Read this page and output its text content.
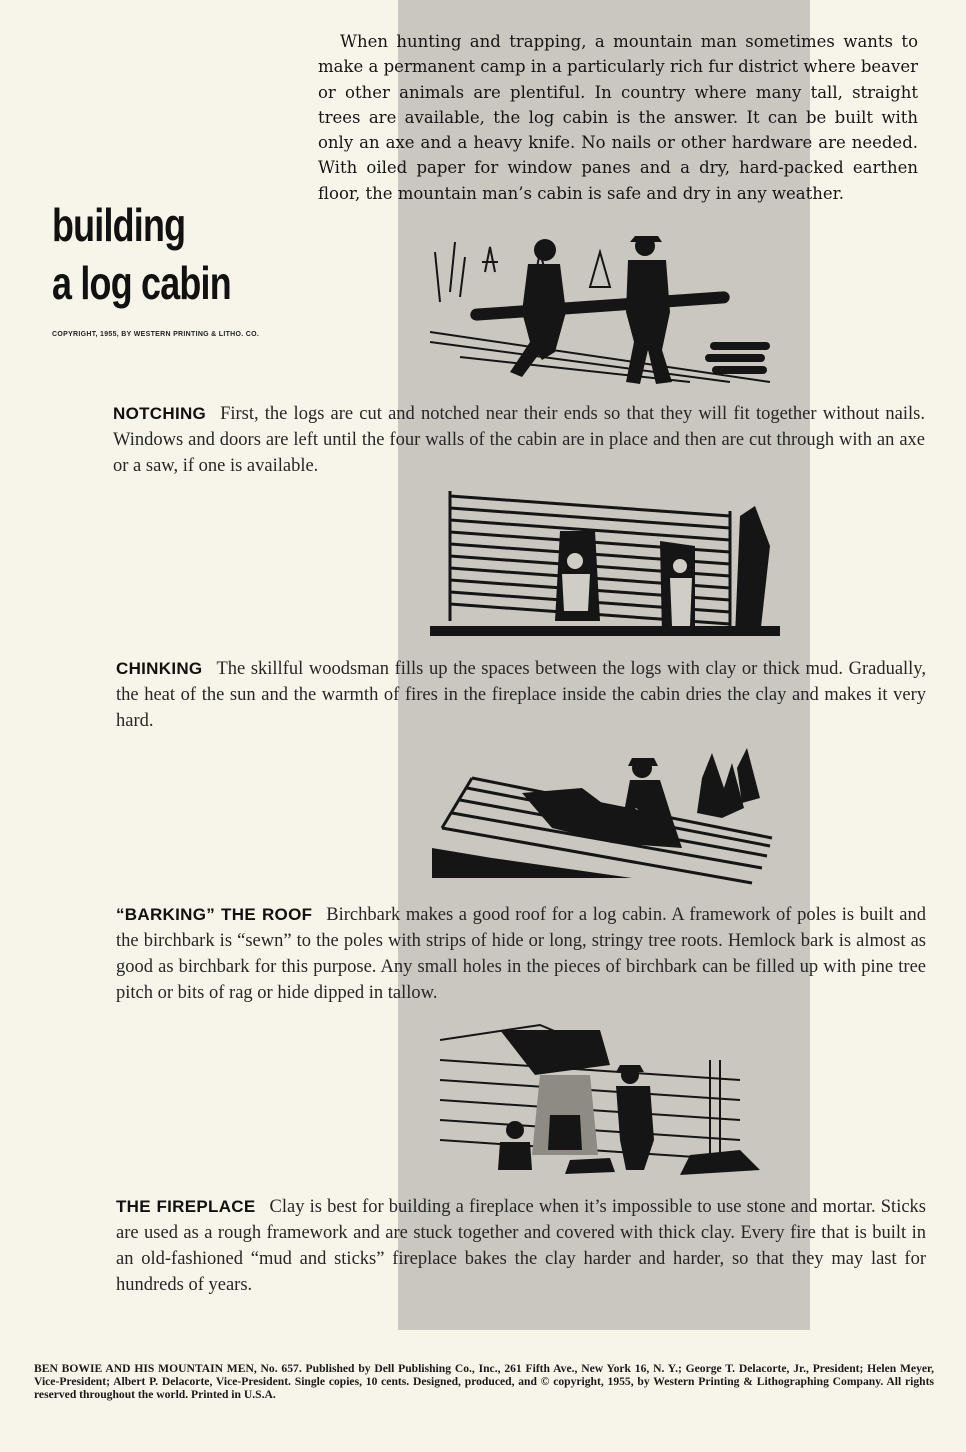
When hunting and trapping, a mountain man sometimes wants to make a permanent camp in a particularly rich fur district where beaver or other animals are plentiful. In country where many tall, straight trees are available, the log cabin is the answer. It can be built with only an axe and a heavy knife. No nails or other hardware are needed. With oiled paper for window panes and a dry, hard-packed earthen floor, the mountain man’s cabin is safe and dry in any weather.

building
a log cabin
COPYRIGHT, 1955, BY WESTERN PRINTING & LITHO. CO.

NOTCHING First, the logs are cut and notched near their ends so that they will fit together without nails. Windows and doors are left until the four walls of the cabin are in place and then are cut through with an axe or a saw, if one is available.

CHINKING The skillful woodsman fills up the spaces between the logs with clay or thick mud. Gradually, the heat of the sun and the warmth of fires in the fireplace inside the cabin dries the clay and makes it very hard.

“BARKING” THE ROOF Birchbark makes a good roof for a log cabin. A framework of poles is built and the birchbark is “sewn” to the poles with strips of hide or long, stringy tree roots. Hemlock bark is almost as good as birchbark for this purpose. Any small holes in the pieces of birchbark can be filled up with pine tree pitch or bits of rag or hide dipped in tallow.

THE FIREPLACE Clay is best for building a fireplace when it’s impossible to use stone and mortar. Sticks are used as a rough framework and are stuck together and covered with thick clay. Every fire that is built in an old-fashioned “mud and sticks” fireplace bakes the clay harder and harder, so that they may last for hundreds of years.

BEN BOWIE AND HIS MOUNTAIN MEN, No. 657. Published by Dell Publishing Co., Inc., 261 Fifth Ave., New York 16, N. Y.; George T. Delacorte, Jr., President; Helen Meyer, Vice-President; Albert P. Delacorte, Vice-President. Single copies, 10 cents. Designed, produced, and © copyright, 1955, by Western Printing & Lithographing Company. All rights reserved throughout the world. Printed in U.S.A.
